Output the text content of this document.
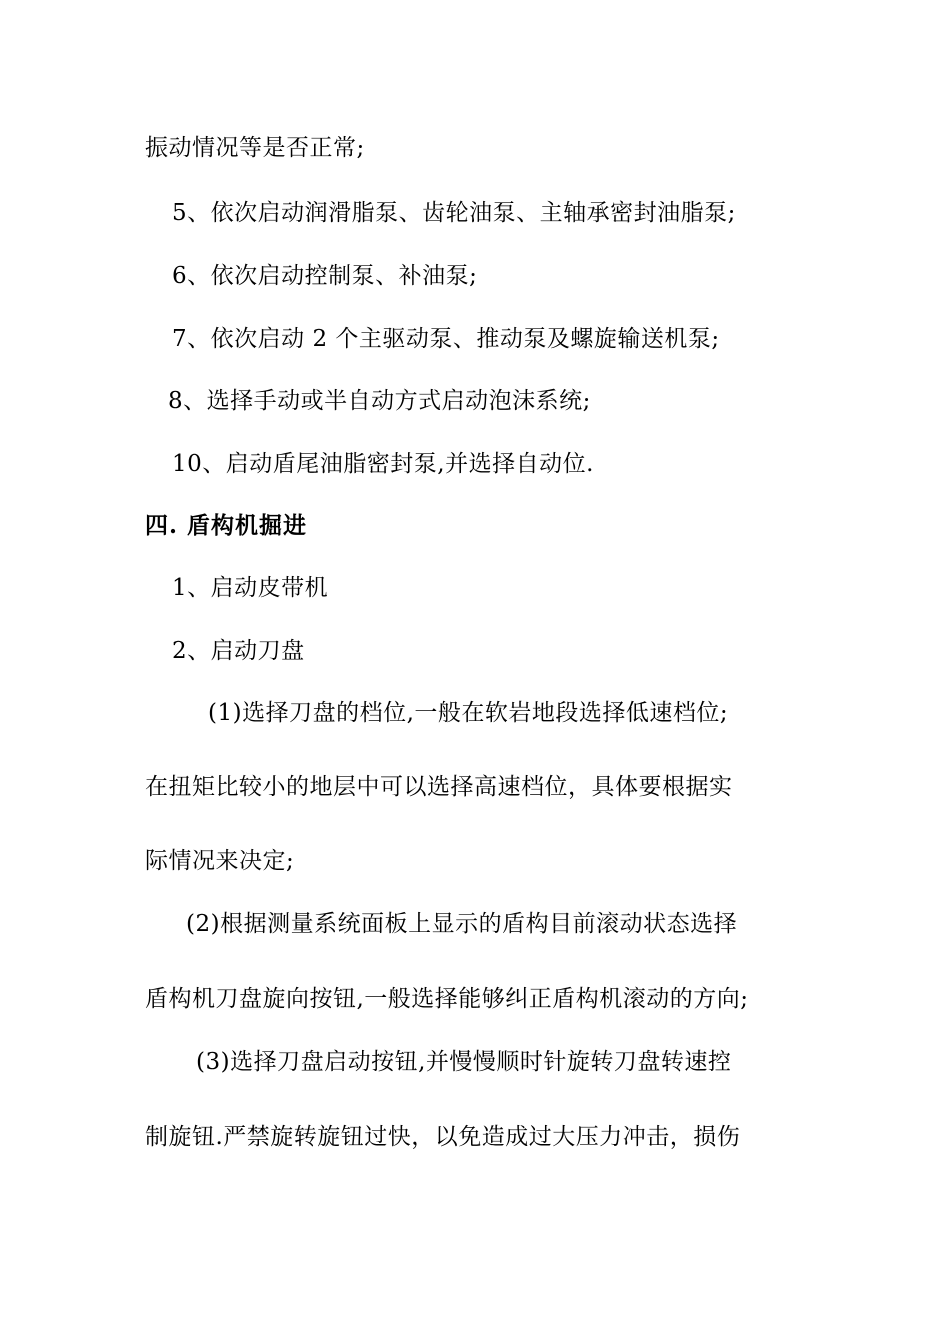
振动情况等是否正常;
5、依次启动润滑脂泵、齿轮油泵、主轴承密封油脂泵;
6、依次启动控制泵、补油泵;
7、依次启动 2 个主驱动泵、推动泵及螺旋输送机泵;
8、选择手动或半自动方式启动泡沫系统;
10、启动盾尾油脂密封泵,并选择自动位.
四. 盾构机掘进
1、启动皮带机
2、启动刀盘
(1)选择刀盘的档位,一般在软岩地段选择低速档位;
在扭矩比较小的地层中可以选择高速档位，具体要根据实
际情况来决定;
(2)根据测量系统面板上显示的盾构目前滚动状态选择
盾构机刀盘旋向按钮,一般选择能够纠正盾构机滚动的方向;
(3)选择刀盘启动按钮,并慢慢顺时针旋转刀盘转速控
制旋钮.严禁旋转旋钮过快，以免造成过大压力冲击，损伤
